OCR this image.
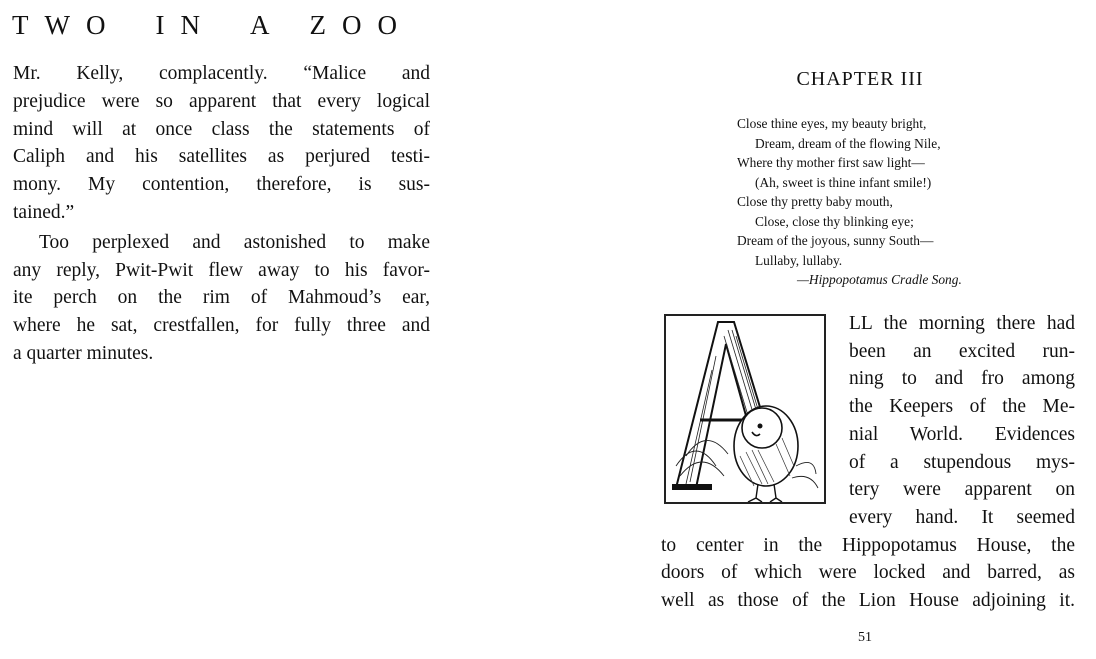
TWO IN A ZOO

Mr. Kelly, complacently. “Malice and
prejudice were so apparent that every logical
mind will at once class the statements of
Caliph and his satellites as perjured testi-
mony. My contention, therefore, is sus-
tained.”

Too perplexed and astonished to make
any reply, Pwit-Pwit flew away to his favor-
ite perch on the rim of Mahmoud’s ear,
where he sat, crestfallen, for fully three and
a quarter minutes.

CHAPTER III
Close thine eyes, my beauty bright,
Dream, dream of the flowing Nile,
Where thy mother first saw light—
(Ah, sweet is thine infant smile!)
Close thy pretty baby mouth,
Close, close thy blinking eye;
Dream of the joyous, sunny South—
Lullaby, lullaby.
—Hippopotamus Cradle Song.
LL the morning there had
been an excited run-
ning to and fro among
the Keepers of the Me-
nial World. Evidences
of a stupendous mys-
tery were apparent on
every hand. It seemed
to center in the Hippopotamus House, the
doors of which were locked and barred, as
well as those of the Lion House adjoining it.
51
